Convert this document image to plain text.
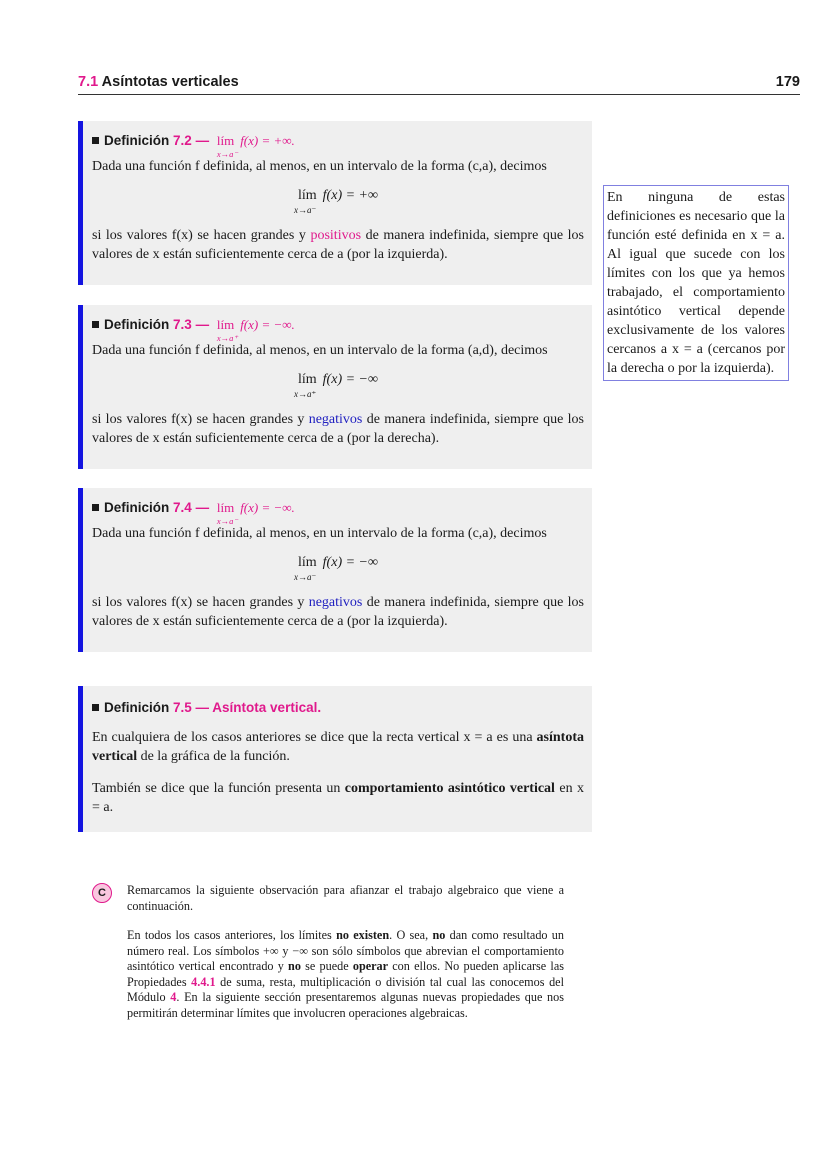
7.1 Asíntotas verticales	179
Definición 7.2 — lím
x→a⁻
f(x) = +∞.

Dada una función f definida, al menos, en un intervalo de la forma (c,a), decimos

lím
x→a⁻
f(x) = +∞

si los valores f(x) se hacen grandes y positivos de manera indefinida, siempre que los valores de x están suficientemente cerca de a (por la izquierda).

Definición 7.3 — lím
x→a⁺
f(x) = −∞.

Dada una función f definida, al menos, en un intervalo de la forma (a,d), decimos

lím
x→a⁺
f(x) = −∞

si los valores f(x) se hacen grandes y negativos de manera indefinida, siempre que los valores de x están suficientemente cerca de a (por la derecha).

Definición 7.4 — lím
x→a⁻
f(x) = −∞.

Dada una función f definida, al menos, en un intervalo de la forma (c,a), decimos

lím
x→a⁻
f(x) = −∞

si los valores f(x) se hacen grandes y negativos de manera indefinida, siempre que los valores de x están suficientemente cerca de a (por la izquierda).

Definición 7.5 — Asíntota vertical.

En cualquiera de los casos anteriores se dice que la recta vertical x = a es una asíntota vertical de la gráfica de la función.

También se dice que la función presenta un comportamiento asintótico vertical en x = a.

En ninguna de estas definiciones es necesario que la función esté definida en x = a. Al igual que sucede con los límites con los que ya hemos trabajado, el comportamiento asintótico vertical depende exclusivamente de los valores cercanos a x = a (cercanos por la derecha o por la izquierda).
C	Remarcamos la siguiente observación para afianzar el trabajo algebraico que viene a continuación.

En todos los casos anteriores, los límites no existen. O sea, no dan como resultado un número real. Los símbolos +∞ y −∞ son sólo símbolos que abrevian el comportamiento asintótico vertical encontrado y no se puede operar con ellos. No pueden aplicarse las Propiedades 4.4.1 de suma, resta, multiplicación o división tal cual las conocemos del Módulo 4. En la siguiente sección presentaremos algunas nuevas propiedades que nos permitirán determinar límites que involucren operaciones algebraicas.
